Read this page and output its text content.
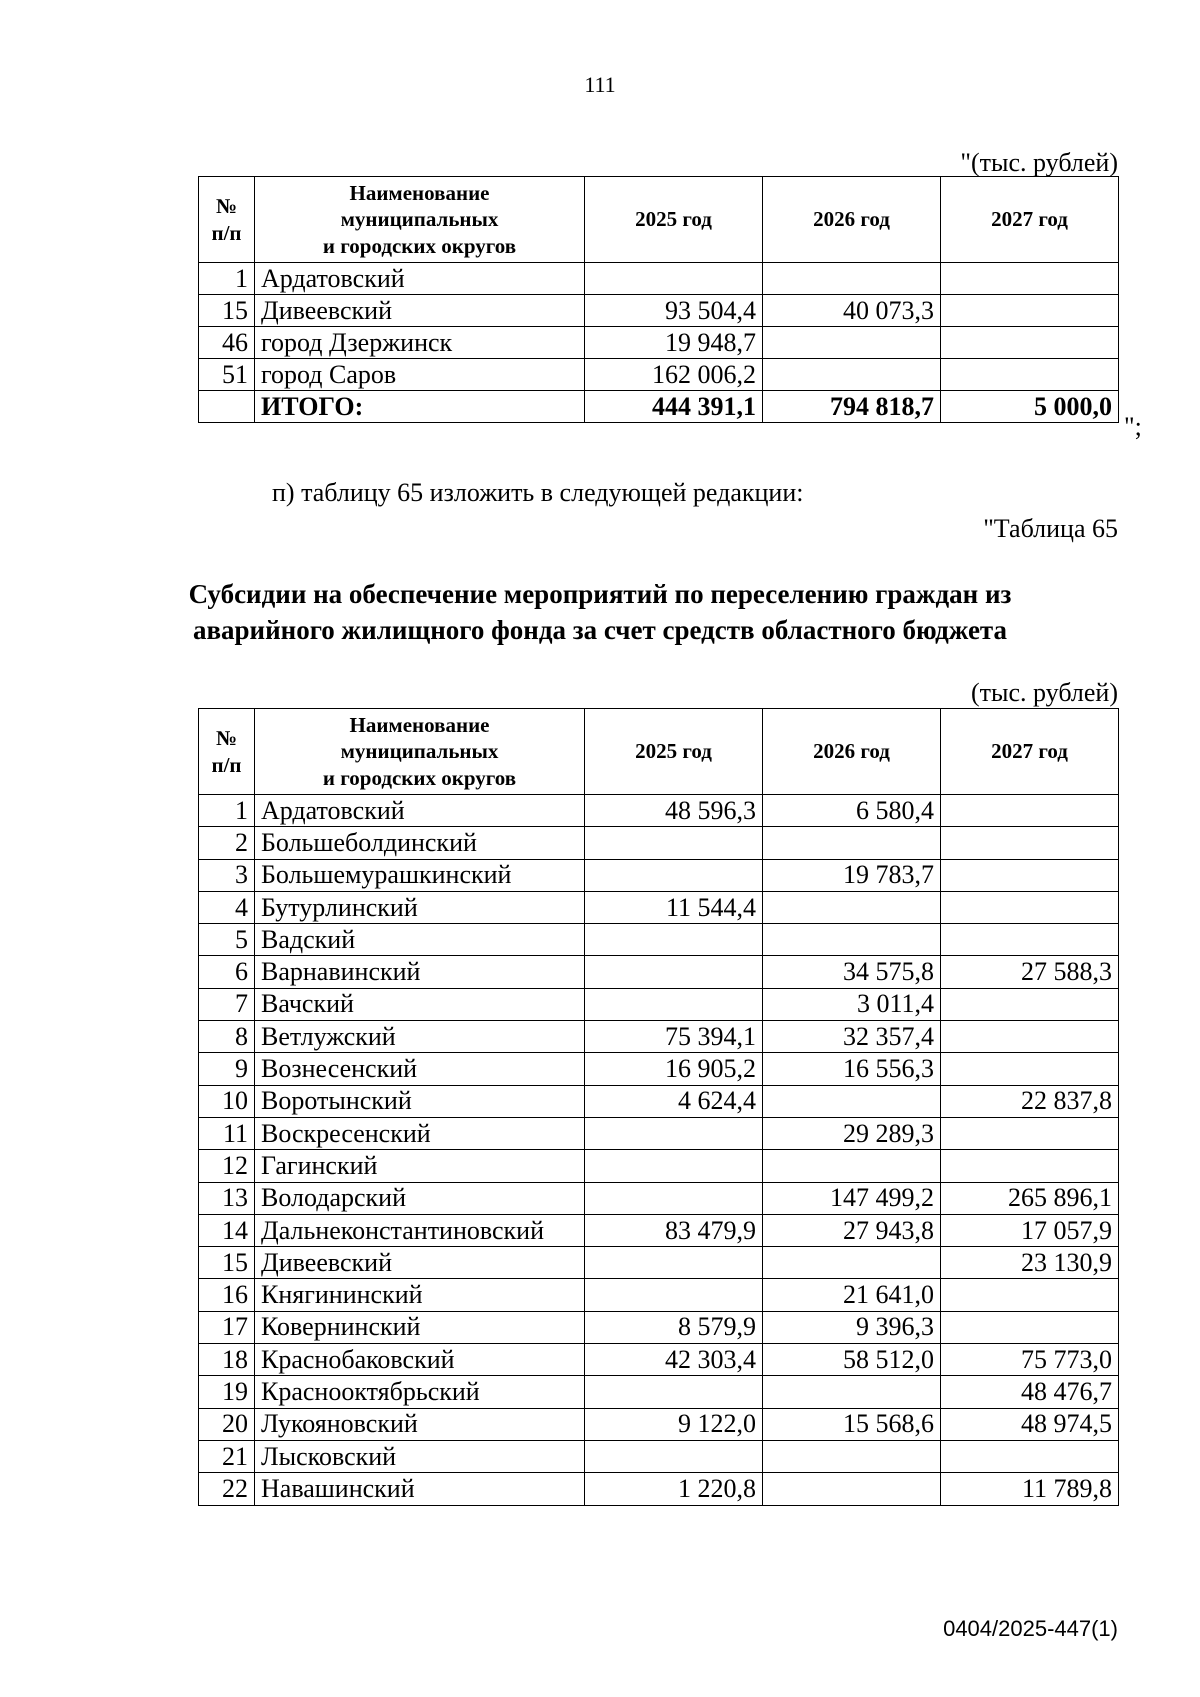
111
"(тыс. рублей)
№
п/п	Наименование
муниципальных
и городских округов	2025 год	2026 год	2027 год
1	Ардатовский			
15	Дивеевский	93 504,4	40 073,3	
46	город Дзержинск	19 948,7		
51	город Саров	162 006,2		
	ИТОГО:	444 391,1	794 818,7	5 000,0
";
п) таблицу 65 изложить в следующей редакции:
"Таблица 65
Субсидии на обеспечение мероприятий по переселению граждан из
аварийного жилищного фонда за счет средств областного бюджета
(тыс. рублей)
№
п/п	Наименование
муниципальных
и городских округов	2025 год	2026 год	2027 год
1	Ардатовский	48 596,3	6 580,4	
2	Большеболдинский			
3	Большемурашкинский		19 783,7	
4	Бутурлинский	11 544,4		
5	Вадский			
6	Варнавинский		34 575,8	27 588,3
7	Вачский		3 011,4	
8	Ветлужский	75 394,1	32 357,4	
9	Вознесенский	16 905,2	16 556,3	
10	Воротынский	4 624,4		22 837,8
11	Воскресенский		29 289,3	
12	Гагинский			
13	Володарский		147 499,2	265 896,1
14	Дальнеконстантиновский	83 479,9	27 943,8	17 057,9
15	Дивеевский			23 130,9
16	Княгининский		21 641,0	
17	Ковернинский	8 579,9	9 396,3	
18	Краснобаковский	42 303,4	58 512,0	75 773,0
19	Краснооктябрьский			48 476,7
20	Лукояновский	9 122,0	15 568,6	48 974,5
21	Лысковский			
22	Навашинский	1 220,8		11 789,8
0404/2025-447(1)
